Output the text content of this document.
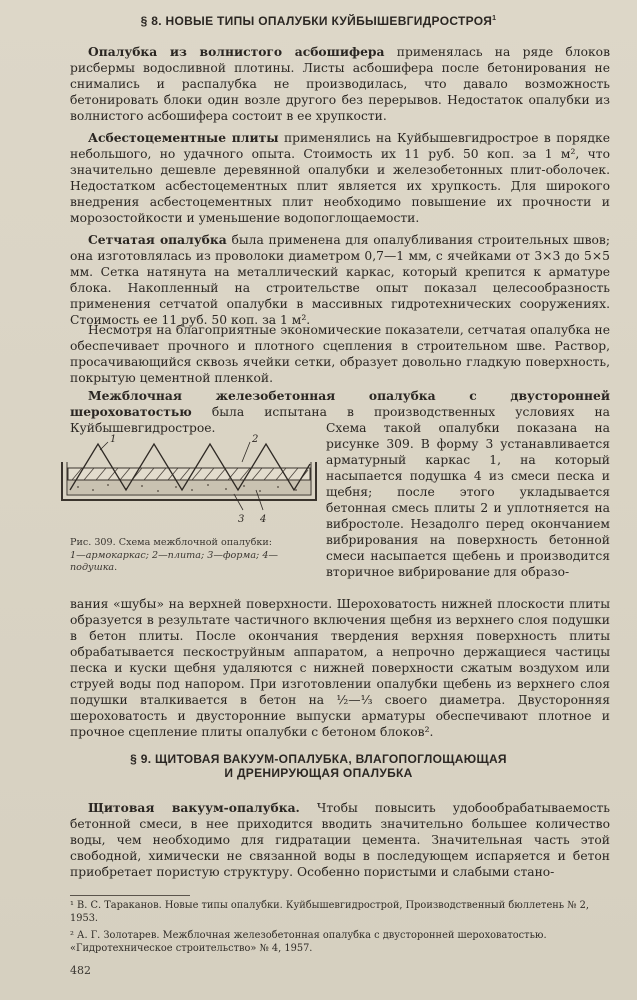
§ 8. НОВЫЕ ТИПЫ ОПАЛУБКИ КУЙБЫШЕВГИДРОСТРОЯ$^1$

Опалубка из волнистого асбошифера применялась на ряде блоков рисбермы водосливной плотины. Листы асбошифера после бетонирования не снимались и распалубка не производилась, что давало возможность бетонировать блоки один возле другого без перерывов. Недостаток опалубки из волнистого асбошифера состоит в ее хрупкости.

Асбестоцементные плиты применялись на Куйбышевгидрострое в порядке небольшого, но удачного опыта. Стоимость их 11 руб. 50 коп. за 1 м², что значительно дешевле деревянной опалубки и железобетонных плит-оболочек. Недостатком асбестоцементных плит является их хрупкость. Для широкого внедрения асбестоцементных плит необходимо повышение их прочности и морозостойкости и уменьшение водопоглощаемости.

Сетчатая опалубка была применена для опалубливания строительных швов; она изготовлялась из проволоки диаметром 0,7—1 мм, с ячейками от 3×3 до 5×5 мм. Сетка натянута на металлический каркас, который крепится к арматуре блока. Накопленный на строительстве опыт показал целесообразность применения сетчатой опалубки в массивных гидротехнических сооружениях. Стоимость ее 11 руб. 50 коп. за 1 м².

Несмотря на благоприятные экономические показатели, сетчатая опалубка не обеспечивает прочного и плотного сцепления в строительном шве. Раствор, просачивающийся сквозь ячейки сетки, образует довольно гладкую поверхность, покрытую цементной пленкой.

Межблочная железобетонная опалубка с двусторонней шероховатостью была испытана в производственных условиях на Куйбышевгидрострое.

1	2
3 4
Рис. 309. Схема межблочной опалубки:
1—армокаркас; 2—плита; 3—форма; 4—подушка.

Схема такой опалубки показана на рисунке 309. В форму 3 устанавливается арматурный каркас 1, на который насыпается подушка 4 из смеси песка и щебня; после этого укладывается бетонная смесь плиты 2 и уплотняется на вибростоле. Незадолго перед окончанием вибрирования на поверхность бетонной смеси насыпается щебень и производится вторичное вибрирование для образо-

вания «шубы» на верхней поверхности. Шероховатость нижней плоскости плиты образуется в результате частичного включения щебня из верхнего слоя подушки в бетон плиты. После окончания твердения верхняя поверхность плиты обрабатывается пескоструйным аппаратом, а непрочно держащиеся частицы песка и куски щебня удаляются с нижней поверхности сжатым воздухом или струей воды под напором. При изготовлении опалубки щебень из верхнего слоя подушки вталкивается в бетон на ½—⅓ своего диаметра. Двусторонняя шероховатость и двусторонние выпуски арматуры обеспечивают плотное и прочное сцепление плиты опалубки с бетоном блоков².

§ 9. ЩИТОВАЯ ВАКУУМ-ОПАЛУБКА, ВЛАГОПОГЛОЩАЮЩАЯ
И ДРЕНИРУЮЩАЯ ОПАЛУБКА

Щитовая вакуум-опалубка. Чтобы повысить удобообрабатываемость бетонной смеси, в нее приходится вводить значительно большее количество воды, чем необходимо для гидратации цемента. Значительная часть этой свободной, химически не связанной воды в последующем испаряется и бетон приобретает пористую структуру. Особенно пористыми и слабыми стано-

¹ В. С. Тараканов. Новые типы опалубки. Куйбышевгидрострой, Производственный бюллетень № 2, 1953.

² А. Г. Золотарев. Межблочная железобетонная опалубка с двусторонней шероховатостью. «Гидротехническое строительство» № 4, 1957.

482
